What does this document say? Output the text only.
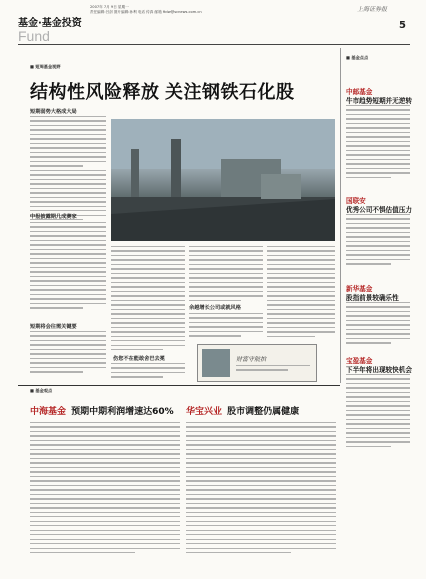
2007年 7月 9日 星期一
责任编辑:吕剑 图片编辑:孙利 电话 传真 邮箱 ftdw@scnews.com.cn	上海证券报
基金·基金投资
Fund
5
■ 短周基金视野
结构性风险释放 关注钢铁石化股
短期弱势大格成大局
中报披露期几成赛家
短期将会往需关键要
伤您不在能敢舍巴去冕
余越增长公司或就风格
财富守航拍
■ 基金点点
中邮基金
牛市趋势短期并无逆转
国联安
优秀公司不惧估值压力
新华基金
股指前景较确乐性
宝盈基金
下半年将出现较快机会
■ 基金观点
中海基金 预期中期利润增速达60% 华宝兴业 股市调整仍属健康
